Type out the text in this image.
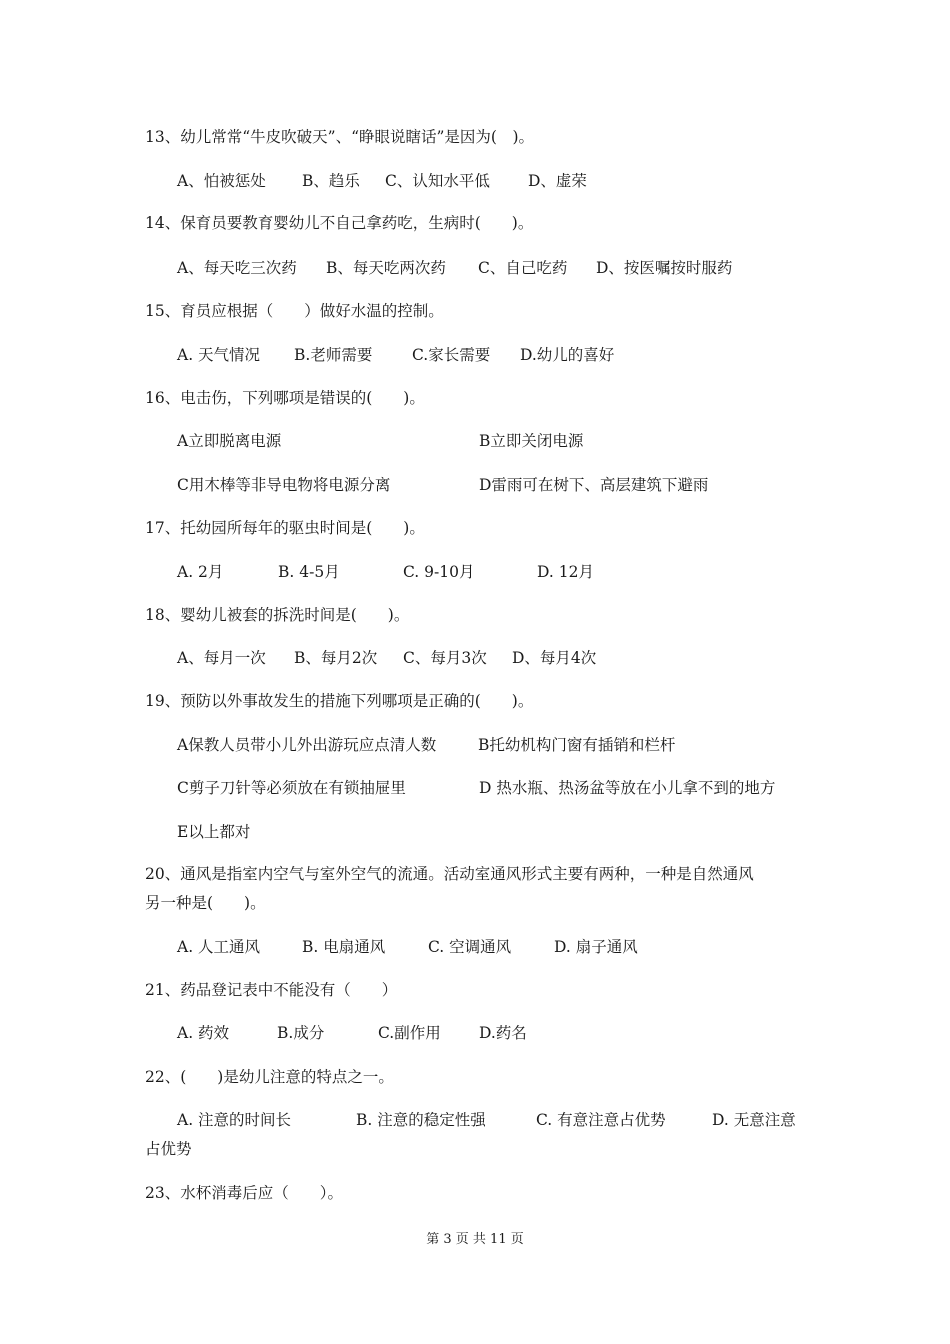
13、幼儿常常“牛皮吹破天”、“睁眼说瞎话”是因为(　)。
A、怕被惩处 B、趋乐 C、认知水平低 D、虚荣
14、保育员要教育婴幼儿不自己拿药吃，生病时(　　)。
A、每天吃三次药 B、每天吃两次药 C、自己吃药 D、按医嘱按时服药
15、育员应根据（　　）做好水温的控制。
A. 天气情况 B.老师需要	C.家长需要 D.幼儿的喜好
16、电击伤，下列哪项是错误的(　　)。
A立即脱离电源	B立即关闭电源
C用木棒等非导电物将电源分离	D雷雨可在树下、高层建筑下避雨
17、托幼园所每年的驱虫时间是(　　)。
A. 2月	B. 4-5月	C. 9-10月	D. 12月
18、婴幼儿被套的拆洗时间是(　　)。
A、每月一次 B、每月2次 C、每月3次 D、每月4次
19、预防以外事故发生的措施下列哪项是正确的(　　)。
A保教人员带小儿外出游玩应点清人数	B托幼机构门窗有插销和栏杆
C剪子刀针等必须放在有锁抽屉里	D 热水瓶、热汤盆等放在小儿拿不到的地方
E以上都对
20、通风是指室内空气与室外空气的流通。活动室通风形式主要有两种，一种是自然通风
另一种是(　　)。
A. 人工通风	B. 电扇通风	C. 空调通风	D. 扇子通风
21、药品登记表中不能没有（　　）
A. 药效	B.成分	C.副作用 D.药名
22、(　　)是幼儿注意的特点之一。
A. 注意的时间长	B. 注意的稳定性强	C. 有意注意占优势	D. 无意注意
占优势
23、水杯消毒后应（　　）。
第 3 页 共 11 页
